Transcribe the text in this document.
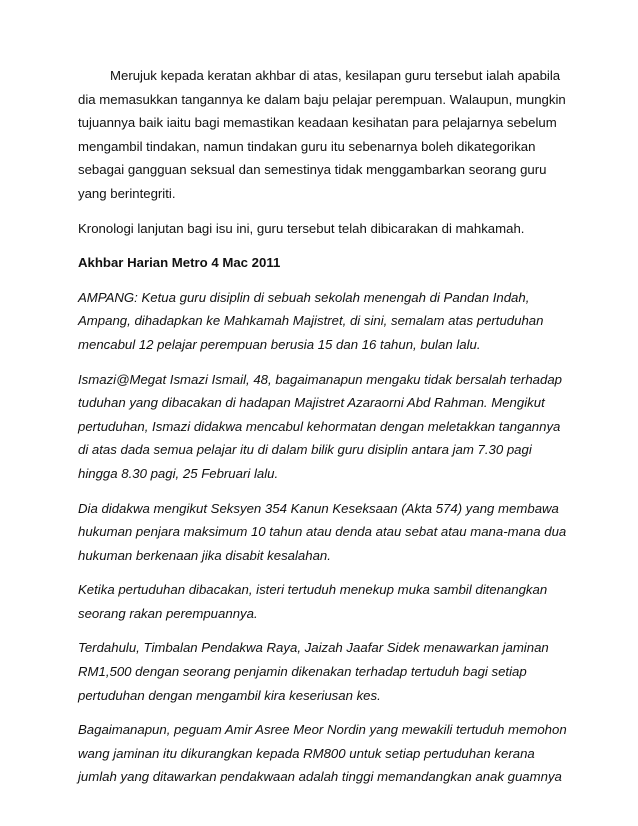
Merujuk kepada keratan akhbar di atas, kesilapan guru tersebut ialah apabila dia memasukkan tangannya ke dalam baju pelajar perempuan. Walaupun, mungkin tujuannya baik iaitu bagi memastikan keadaan kesihatan para pelajarnya sebelum mengambil tindakan, namun tindakan guru itu sebenarnya boleh dikategorikan sebagai gangguan seksual dan semestinya tidak menggambarkan seorang guru yang berintegriti.

Kronologi lanjutan bagi isu ini, guru tersebut telah dibicarakan di mahkamah.

Akhbar Harian Metro 4 Mac 2011

AMPANG: Ketua guru disiplin di sebuah sekolah menengah di Pandan Indah, Ampang, dihadapkan ke Mahkamah Majistret, di sini, semalam atas pertuduhan mencabul 12 pelajar perempuan berusia 15 dan 16 tahun, bulan lalu.

Ismazi@Megat Ismazi Ismail, 48, bagaimanapun mengaku tidak bersalah terhadap tuduhan yang dibacakan di hadapan Majistret Azaraorni Abd Rahman. Mengikut pertuduhan, Ismazi didakwa mencabul kehormatan dengan meletakkan tangannya di atas dada semua pelajar itu di dalam bilik guru disiplin antara jam 7.30 pagi hingga 8.30 pagi, 25 Februari lalu.

Dia didakwa mengikut Seksyen 354 Kanun Keseksaan (Akta 574) yang membawa hukuman penjara maksimum 10 tahun atau denda atau sebat atau mana-mana dua hukuman berkenaan jika disabit kesalahan.

Ketika pertuduhan dibacakan, isteri tertuduh menekup muka sambil ditenangkan seorang rakan perempuannya.

Terdahulu, Timbalan Pendakwa Raya, Jaizah Jaafar Sidek menawarkan jaminan RM1,500 dengan seorang penjamin dikenakan terhadap tertuduh bagi setiap pertuduhan dengan mengambil kira keseriusan kes.

Bagaimanapun, peguam Amir Asree Meor Nordin yang mewakili tertuduh memohon wang jaminan itu dikurangkan kepada RM800 untuk setiap pertuduhan kerana jumlah yang ditawarkan pendakwaan adalah tinggi memandangkan anak guamnya
